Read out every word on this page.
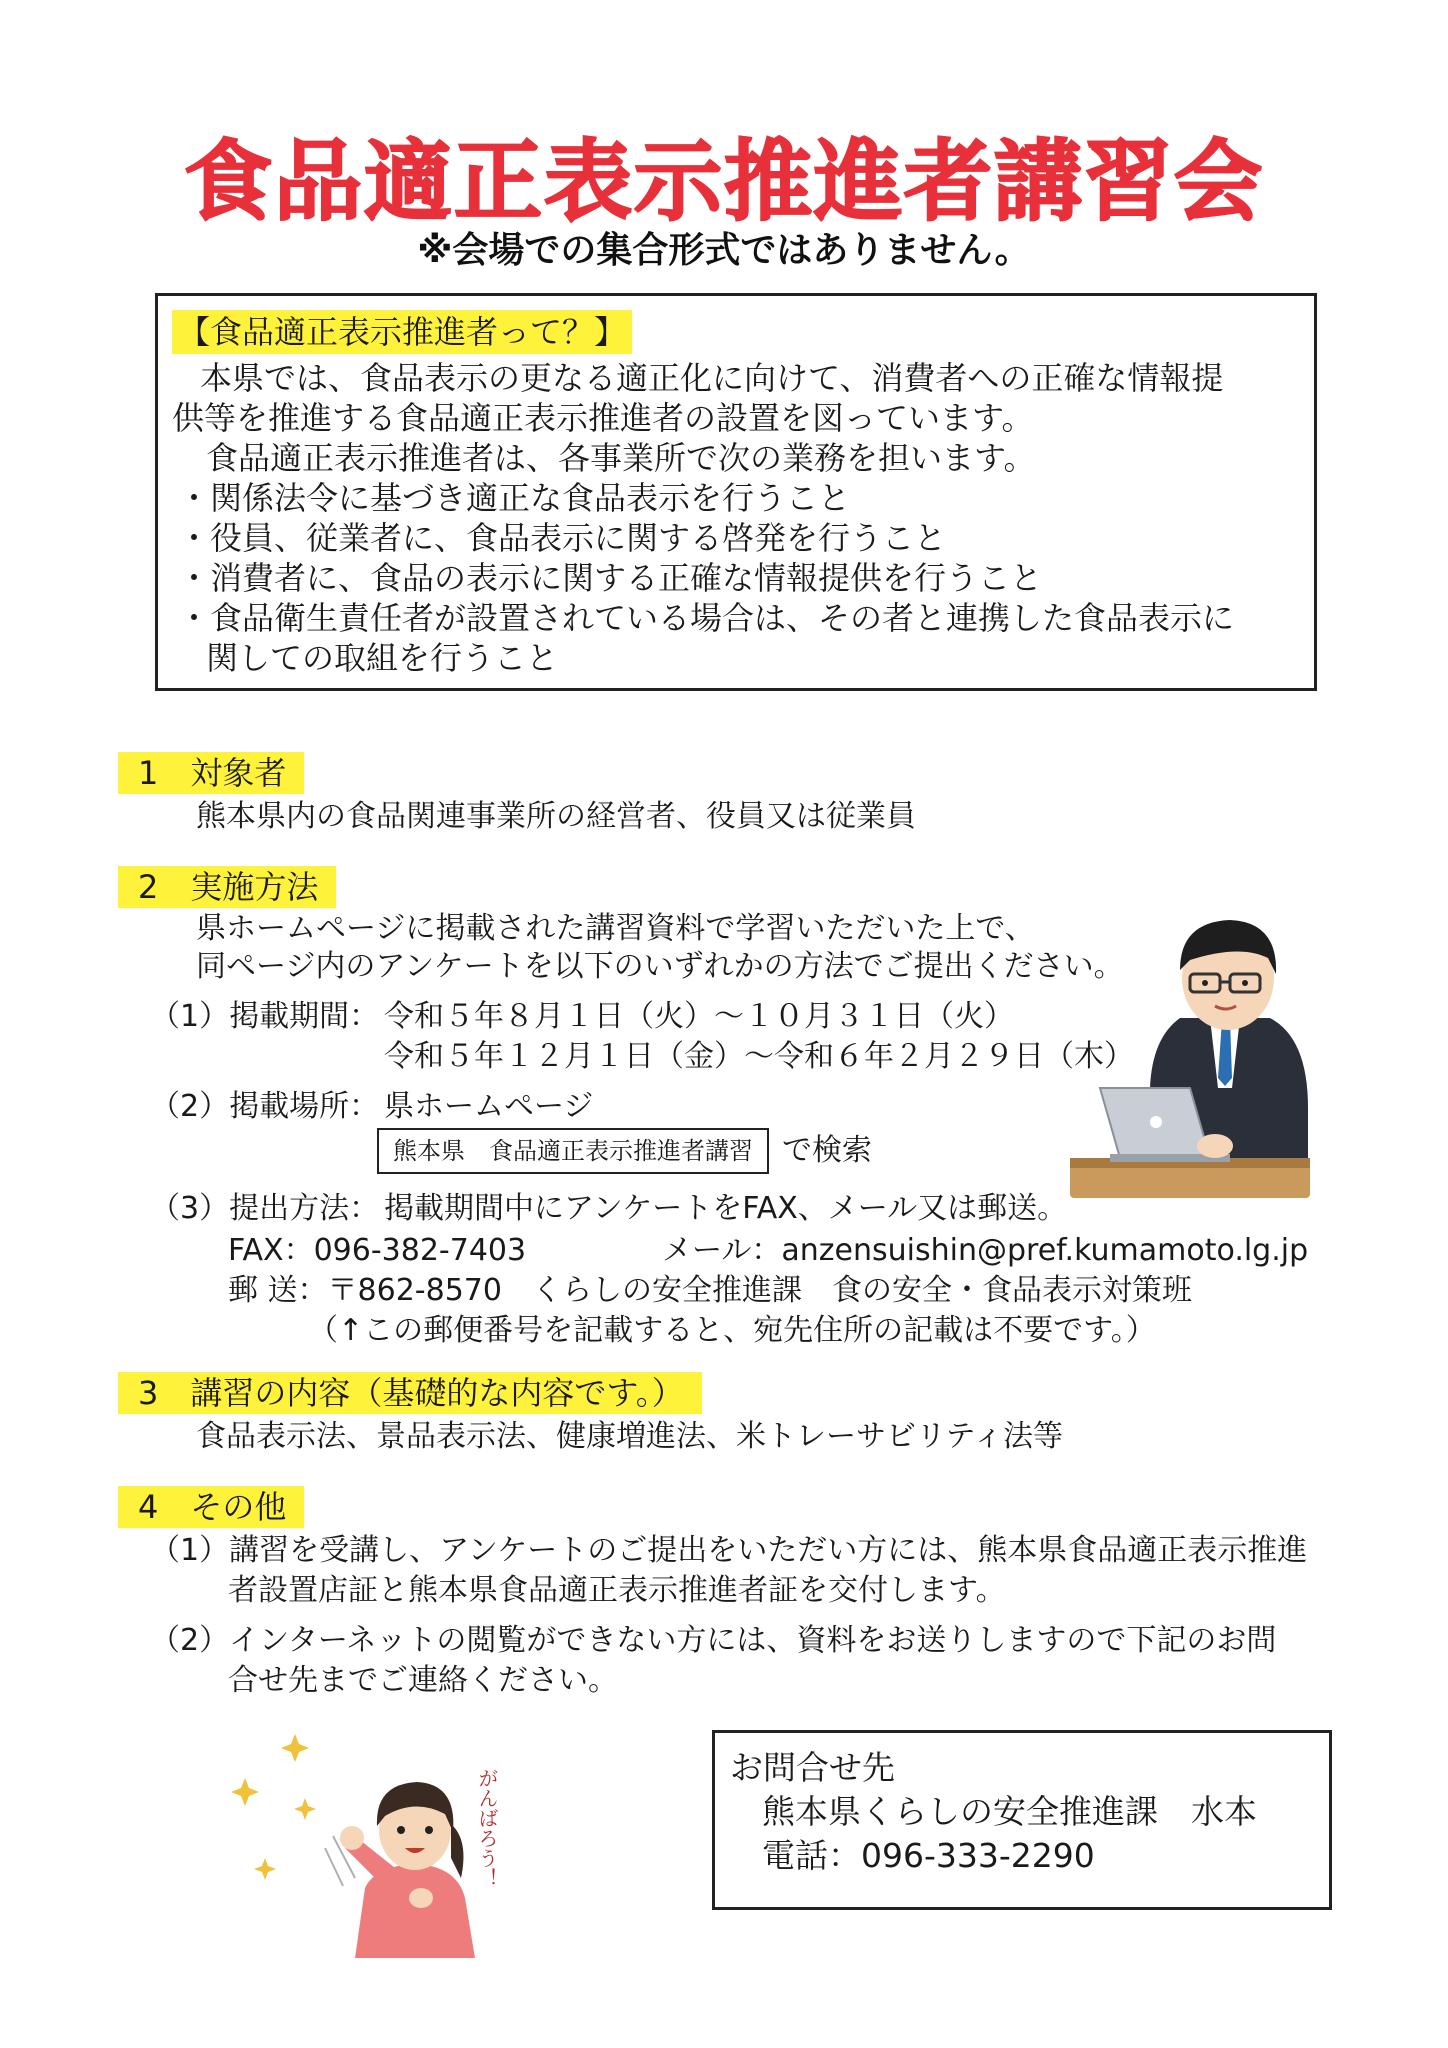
食品適正表示推進者講習会
※会場での集合形式ではありません。
【食品適正表示推進者って？】
本県では、食品表示の更なる適正化に向けて、消費者への正確な情報提
供等を推進する食品適正表示推進者の設置を図っています。
食品適正表示推進者は、各事業所で次の業務を担います。
・関係法令に基づき適正な食品表示を行うこと
・役員、従業者に、食品表示に関する啓発を行うこと
・消費者に、食品の表示に関する正確な情報提供を行うこと
・食品衛生責任者が設置されている場合は、その者と連携した食品表示に
関しての取組を行うこと
1　対象者
熊本県内の食品関連事業所の経営者、役員又は従業員
2　実施方法
県ホームページに掲載された講習資料で学習いただいた上で、
同ページ内のアンケートを以下のいずれかの方法でご提出ください。
（1）掲載期間： 令和５年８月１日（火）～１０月３１日（火）
令和５年１２月１日（金）～令和６年２月２９日（木）
（2）掲載場所： 県ホームページ
熊本県　食品適正表示推進者講習 で検索
（3）提出方法： 掲載期間中にアンケートをFAX、メール又は郵送。
FAX：096-382-7403	メール：anzensuishin@pref.kumamoto.lg.jp
郵 送：〒862-8570　くらしの安全推進課　食の安全・食品表示対策班
（↑この郵便番号を記載すると、宛先住所の記載は不要です。）
3　講習の内容（基礎的な内容です。）
食品表示法、景品表示法、健康増進法、米トレーサビリティ法等
4　その他
（1）講習を受講し、アンケートのご提出をいただい方には、熊本県食品適正表示推進
者設置店証と熊本県食品適正表示推進者証を交付します。
（2）インターネットの閲覧ができない方には、資料をお送りしますので下記のお問
合せ先までご連絡ください。
がんばろう！
お問合せ先
熊本県くらしの安全推進課　水本
電話：096-333-2290
